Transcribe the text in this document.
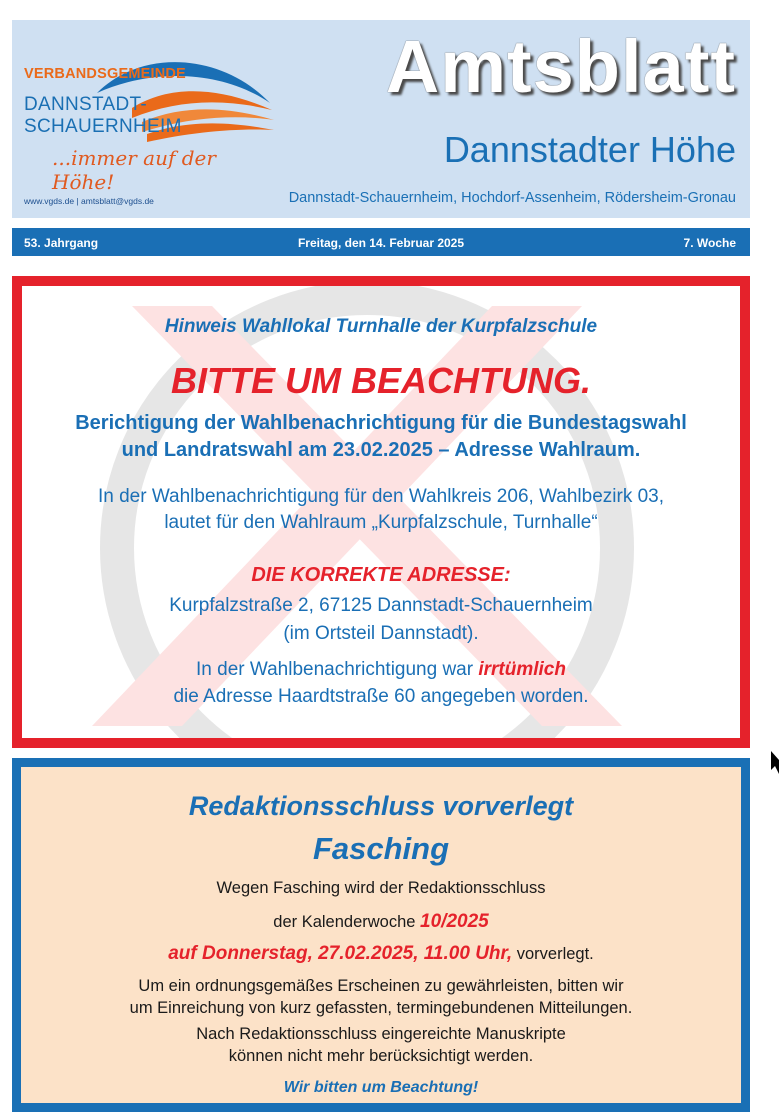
VERBANDSGEMEINDE
DANNSTADT-
SCHAUERNHEIM
...immer auf der Höhe!
www.vgds.de | amtsblatt@vgds.de
Amtsblatt
Dannstadter Höhe
Dannstadt-Schauernheim, Hochdorf-Assenheim, Rödersheim-Gronau
Freitag, den 14. Februar 2025
53. Jahrgang	7. Woche
Hinweis Wahllokal Turnhalle der Kurpfalzschule
BITTE UM BEACHTUNG.
Berichtigung der Wahlbenachrichtigung für die Bundestagswahl
und Landratswahl am 23.02.2025 – Adresse Wahlraum.
In der Wahlbenachrichtigung für den Wahlkreis 206, Wahlbezirk 03,
lautet für den Wahlraum „Kurpfalzschule, Turnhalle“
DIE KORREKTE ADRESSE:
Kurpfalzstraße 2, 67125 Dannstadt-Schauernheim
(im Ortsteil Dannstadt).
In der Wahlbenachrichtigung war irrtümlich
die Adresse Haardtstraße 60 angegeben worden.
Redaktionsschluss vorverlegt
Fasching
Wegen Fasching wird der Redaktionsschluss
der Kalenderwoche 10/2025
auf Donnerstag, 27.02.2025, 11.00 Uhr, vorverlegt.
Um ein ordnungsgemäßes Erscheinen zu gewährleisten, bitten wir
um Einreichung von kurz gefassten, termingebundenen Mitteilungen.
Nach Redaktionsschluss eingereichte Manuskripte
können nicht mehr berücksichtigt werden.
Wir bitten um Beachtung!
